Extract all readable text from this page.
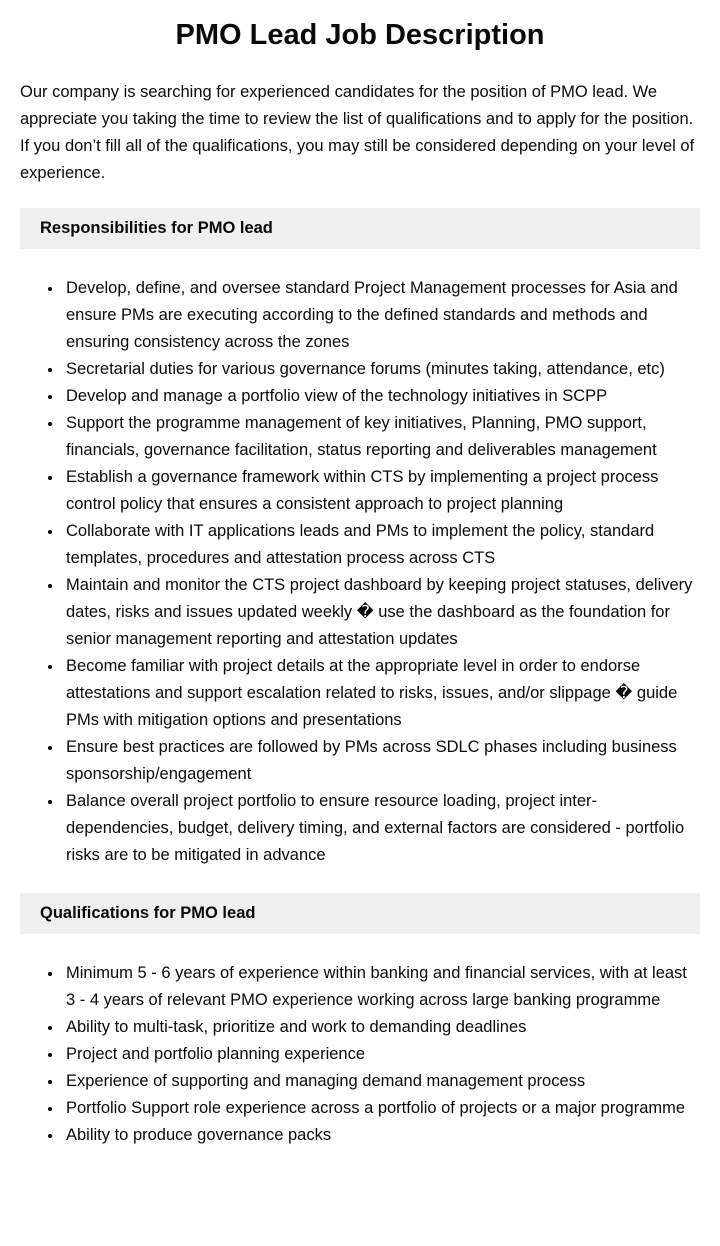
PMO Lead Job Description

Our company is searching for experienced candidates for the position of PMO lead. We appreciate you taking the time to review the list of qualifications and to apply for the position. If you don’t fill all of the qualifications, you may still be considered depending on your level of experience.

Responsibilities for PMO lead
• Develop, define, and oversee standard Project Management processes for Asia and ensure PMs are executing according to the defined standards and methods and ensuring consistency across the zones
• Secretarial duties for various governance forums (minutes taking, attendance, etc)
• Develop and manage a portfolio view of the technology initiatives in SCPP
• Support the programme management of key initiatives, Planning, PMO support, financials, governance facilitation, status reporting and deliverables management
• Establish a governance framework within CTS by implementing a project process control policy that ensures a consistent approach to project planning
• Collaborate with IT applications leads and PMs to implement the policy, standard templates, procedures and attestation process across CTS
• Maintain and monitor the CTS project dashboard by keeping project statuses, delivery dates, risks and issues updated weekly � use the dashboard as the foundation for senior management reporting and attestation updates
• Become familiar with project details at the appropriate level in order to endorse attestations and support escalation related to risks, issues, and/or slippage � guide PMs with mitigation options and presentations
• Ensure best practices are followed by PMs across SDLC phases including business sponsorship/engagement
• Balance overall project portfolio to ensure resource loading, project inter-dependencies, budget, delivery timing, and external factors are considered - portfolio risks are to be mitigated in advance
Qualifications for PMO lead
• Minimum 5 - 6 years of experience within banking and financial services, with at least 3 - 4 years of relevant PMO experience working across large banking programme
• Ability to multi-task, prioritize and work to demanding deadlines
• Project and portfolio planning experience
• Experience of supporting and managing demand management process
• Portfolio Support role experience across a portfolio of projects or a major programme
• Ability to produce governance packs
